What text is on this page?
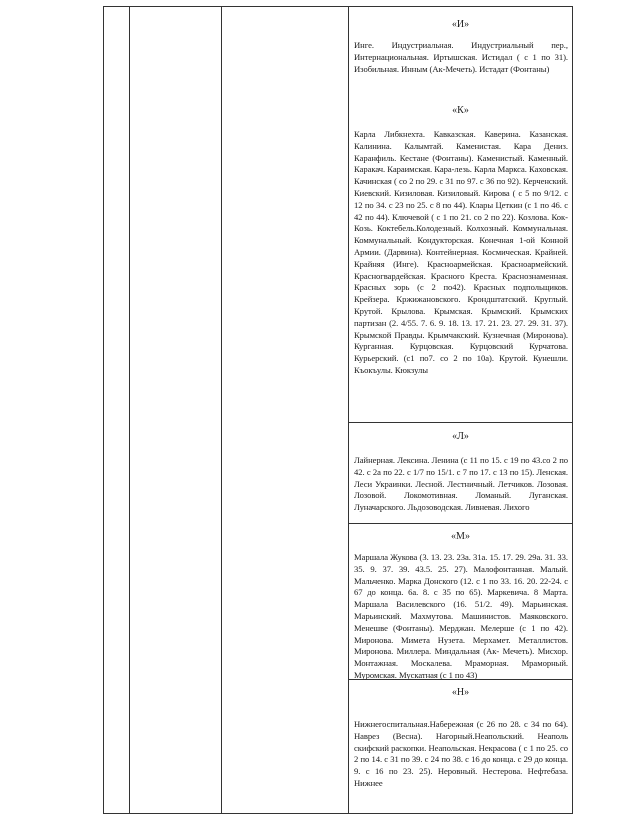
«И»
Инге. Индустриальная. Индустриальный пер., Интернациональная. Иртышская. Истидал ( с 1 по 31). Изобильная. Инным (Ак-Мечеть). Истадат (Фонтаны)
«К»
Карла Либкнехта. Кавказская. Каверина. Казанская. Калинина. Калымтай. Каменистая. Кара Дениз. Каранфиль. Кестане (Фонтаны). Каменистый. Каменный. Каракач. Караимская. Кара-лезь. Карла Маркса. Каховская. Качинская ( со 2 по 29. с 31 по 97. с 36 по 92). Керченский. Киевский. Кизиловая. Кизиловый. Кирова ( с 5 по 9/12. с 12 по 34. с 23 по 25. с 8 по 44). Клары Цеткин (с 1 по 46. с 42 по 44). Ключевой ( с 1 по 21. со 2 по 22). Козлова. Кок-Козь. Коктебель.Колодезный. Колхозный. Коммунальная. Коммунальный. Кондукторская. Конечная 1-ой Конной Армии. (Дарвина). Контейнерная. Космическая. Крайней. Крайняя (Инге). Красноармейская. Красноармейский. Красногвардейская. Красного Креста. Краснознаменная. Красных зорь (с 2 по42). Красных подпольщиков. Крейзера. Кржижановского. Крондштатский. Круглый. Крутой. Крылова. Крымская. Крымский. Крымских партизан (2. 4/55. 7. 6. 9. 18. 13. 17. 21. 23. 27. 29. 31. 37). Крымской Правды. Крымчакский. Кузнечная (Миронова). Курганная. Курцовская. Курцовский Курчатова. Курьерский. (с1 по7. со 2 по 10а). Крутой. Кунешли. Къокъулы. Кюкзулы
«Л»
Лайнерная. Лексина. Ленина (с 11 по 15. с 19 по 43.со 2 по 42. с 2а по 22. с 1/7 по 15/1. с 7 по 17. с 13 по 15). Ленская. Леси Украинки. Лесной. Лестничный. Летчиков. Лозовая. Лозовой. Локомотивная. Ломаный. Луганская. Луначарского. Льдозоводская. Ливневая. Лихого
«М»
Маршала Жукова (3. 13. 23. 23а. 31а. 15. 17. 29. 29а. 31. 33. 35. 9. 37. 39. 43.5. 25. 27). Малофонтанная. Малый. Мальченко. Марка Донского (12. с 1 по 33. 16. 20. 22-24. с 67 до конца. 6а. 8. с 35 по 65). Маркевича. 8 Марта. Маршала Василевского (16. 51/2. 49). Марьинская. Марьинский. Махмутова. Машинистов. Маяковского. Менешве (Фонтаны). Мерджан. Мелерше (с 1 по 42). Миронова. Мимета Нузета. Мерхамет. Металлистов. Миронова. Миллера. Миндальная (Ак- Мечеть). Мисхор. Монтажная. Москалева. Мраморная. Мраморный. Муромская. Мускатная (с 1 по 43)
«Н»
Нижнегоспитальная.Набережная (с 26 по 28. с 34 по 64). Наврез (Весна). Нагорный.Неапольский. Неаполь скифский раскопки. Неапольская. Некрасова ( с 1 по 25. со 2 по 14. с 31 по 39. с 24 по 38. с 16 до конца. с 29 до конца. 9. с 16 по 23. 25). Неровный. Нестерова. Нефтебаза. Нижнее
